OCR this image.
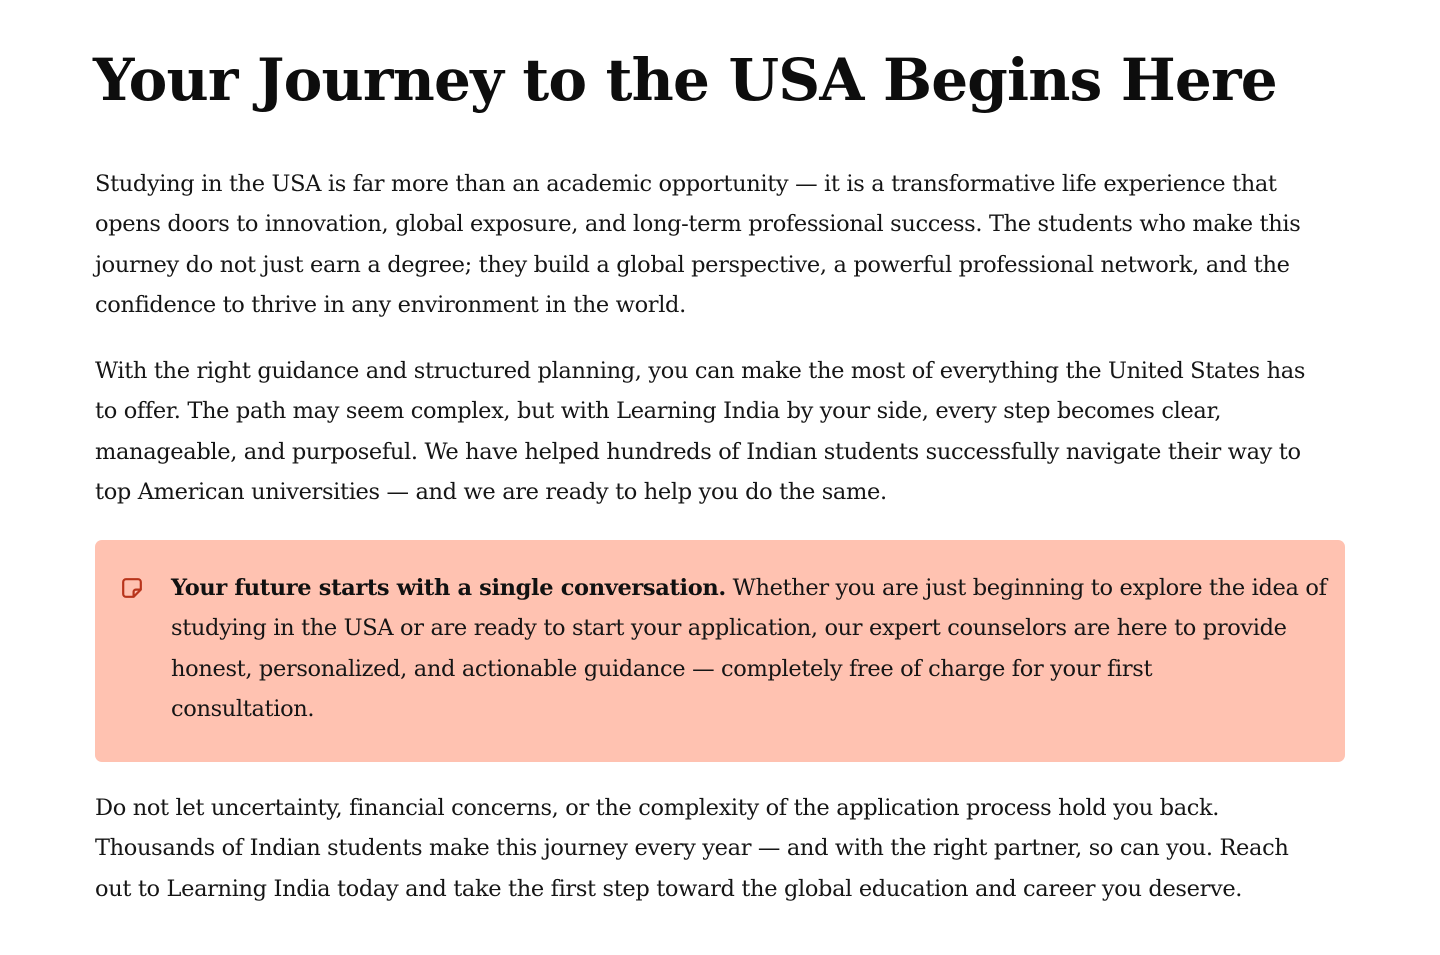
Your Journey to the USA Begins Here

Studying in the USA is far more than an academic opportunity — it is a transformative life experience that
opens doors to innovation, global exposure, and long-term professional success. The students who make this
journey do not just earn a degree; they build a global perspective, a powerful professional network, and the
confidence to thrive in any environment in the world.

With the right guidance and structured planning, you can make the most of everything the United States has
to offer. The path may seem complex, but with Learning India by your side, every step becomes clear,
manageable, and purposeful. We have helped hundreds of Indian students successfully navigate their way to
top American universities — and we are ready to help you do the same.

Your future starts with a single conversation. Whether you are just beginning to explore the idea of
studying in the USA or are ready to start your application, our expert counselors are here to provide
honest, personalized, and actionable guidance — completely free of charge for your first
consultation.

Do not let uncertainty, financial concerns, or the complexity of the application process hold you back.
Thousands of Indian students make this journey every year — and with the right partner, so can you. Reach
out to Learning India today and take the first step toward the global education and career you deserve.
